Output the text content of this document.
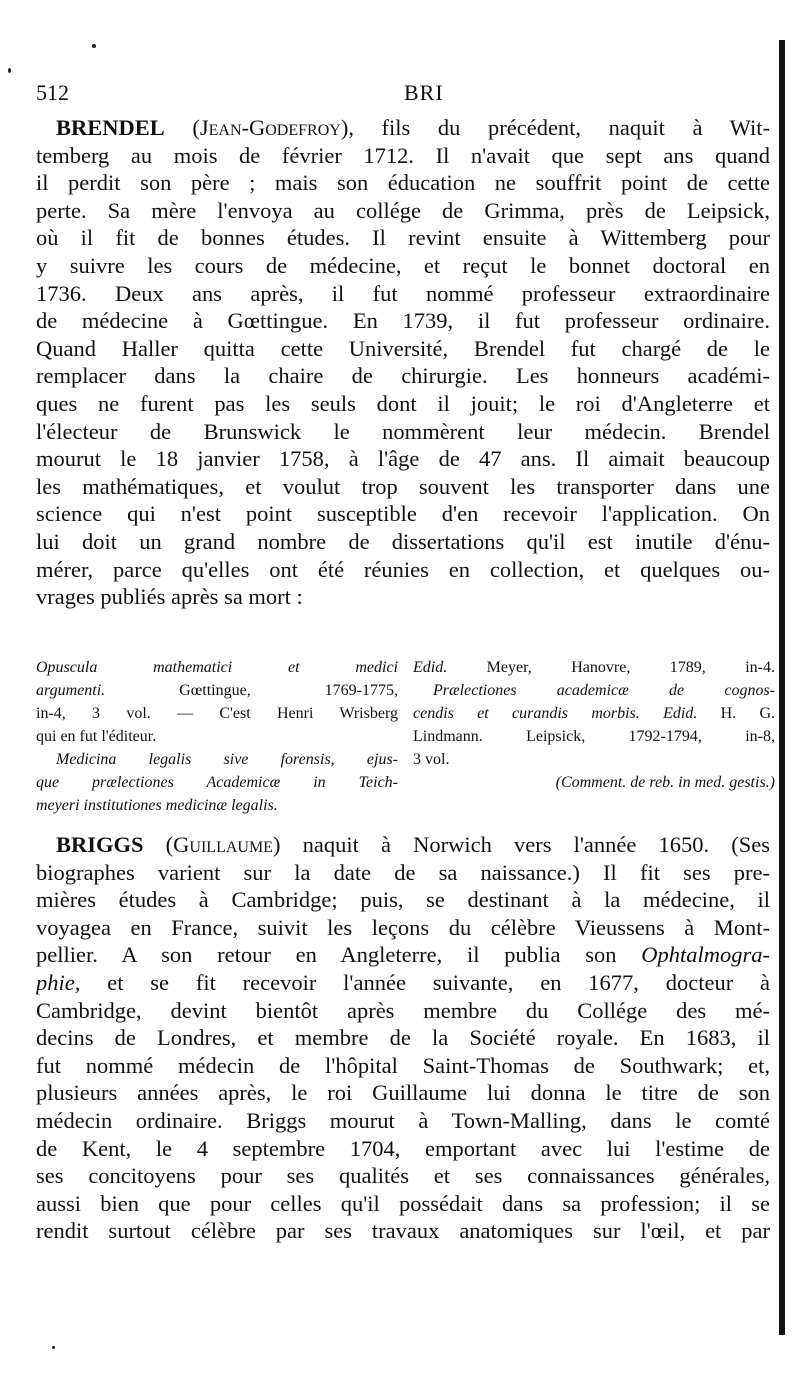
512	BRI
BRENDEL (Jean-Godefroy), fils du précédent, naquit à Wit-
temberg au mois de février 1712. Il n'avait que sept ans quand
il perdit son père ; mais son éducation ne souffrit point de cette
perte. Sa mère l'envoya au collége de Grimma, près de Leipsick,
où il fit de bonnes études. Il revint ensuite à Wittemberg pour
y suivre les cours de médecine, et reçut le bonnet doctoral en
1736. Deux ans après, il fut nommé professeur extraordinaire
de médecine à Gœttingue. En 1739, il fut professeur ordinaire.
Quand Haller quitta cette Université, Brendel fut chargé de le
remplacer dans la chaire de chirurgie. Les honneurs académi-
ques ne furent pas les seuls dont il jouit; le roi d'Angleterre et
l'électeur de Brunswick le nommèrent leur médecin. Brendel
mourut le 18 janvier 1758, à l'âge de 47 ans. Il aimait beaucoup
les mathématiques, et voulut trop souvent les transporter dans une
science qui n'est point susceptible d'en recevoir l'application. On
lui doit un grand nombre de dissertations qu'il est inutile d'énu-
mérer, parce qu'elles ont été réunies en collection, et quelques ou-
vrages publiés après sa mort :
Opuscula mathematici et medici
argumenti. Gœttingue, 1769-1775,
in-4, 3 vol. — C'est Henri Wrisberg
qui en fut l'éditeur.
Medicina legalis sive forensis, ejus-
que prælectiones Academicæ in Teich-
meyeri institutiones medicinæ legalis.
Edid. Meyer, Hanovre, 1789, in-4.
Prælectiones academicæ de cognos-
cendis et curandis morbis. Edid. H. G.
Lindmann. Leipsick, 1792-1794, in-8,
3 vol.
(Comment. de reb. in med. gestis.)
BRIGGS (Guillaume) naquit à Norwich vers l'année 1650. (Ses
biographes varient sur la date de sa naissance.) Il fit ses pre-
mières études à Cambridge; puis, se destinant à la médecine, il
voyagea en France, suivit les leçons du célèbre Vieussens à Mont-
pellier. A son retour en Angleterre, il publia son Ophtalmogra-
phie, et se fit recevoir l'année suivante, en 1677, docteur à
Cambridge, devint bientôt après membre du Collége des mé-
decins de Londres, et membre de la Société royale. En 1683, il
fut nommé médecin de l'hôpital Saint-Thomas de Southwark; et,
plusieurs années après, le roi Guillaume lui donna le titre de son
médecin ordinaire. Briggs mourut à Town-Malling, dans le comté
de Kent, le 4 septembre 1704, emportant avec lui l'estime de
ses concitoyens pour ses qualités et ses connaissances générales,
aussi bien que pour celles qu'il possédait dans sa profession; il se
rendit surtout célèbre par ses travaux anatomiques sur l'œil, et par
